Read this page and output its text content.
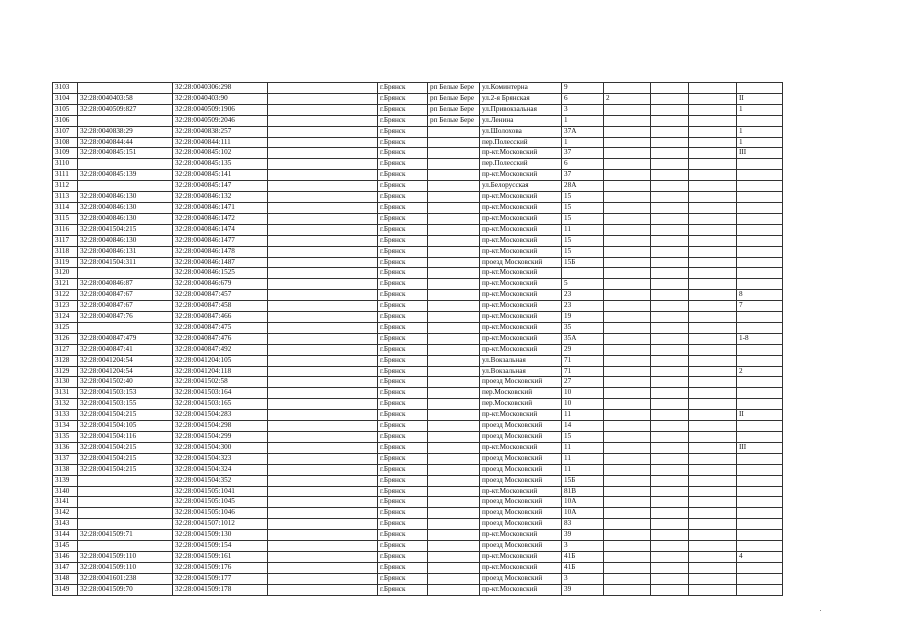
3103		32:28:0040306:298		г.Брянск	рп Белые Бере	ул.Коминтерна	9				
3104	32:28:0040403:58	32:28:0040403:90		г.Брянск	рп Белые Бере	ул.2-я Брянская	6	2			II
3105	32:28:0040509:827	32:28:0040509:1906		г.Брянск	рп Белые Бере	ул.Привокзальная	3				1
3106		32:28:0040509:2046		г.Брянск	рп Белые Бере	ул.Ленина	1				
3107	32:28:0040838:29	32:28:0040838:257		г.Брянск		ул.Шолохова	37А				1
3108	32:28:0040844:44	32:28:0040844:111		г.Брянск		пер.Полесский	1				1
3109	32:28:0040845:151	32:28:0040845:102		г.Брянск		пр-кт.Московский	37				III
3110		32:28:0040845:135		г.Брянск		пер.Полесский	6				
3111	32:28:0040845:139	32:28:0040845:141		г.Брянск		пр-кт.Московский	37				
3112		32:28:0040845:147		г.Брянск		ул.Белорусская	28А				
3113	32:28:0040846:130	32:28:0040846:132		г.Брянск		пр-кт.Московский	15				
3114	32:28:0040846:130	32:28:0040846:1471		г.Брянск		пр-кт.Московский	15				
3115	32:28:0040846:130	32:28:0040846:1472		г.Брянск		пр-кт.Московский	15				
3116	32:28:0041504:215	32:28:0040846:1474		г.Брянск		пр-кт.Московский	11				
3117	32:28:0040846:130	32:28:0040846:1477		г.Брянск		пр-кт.Московский	15				
3118	32:28:0040846:131	32:28:0040846:1478		г.Брянск		пр-кт.Московский	15				
3119	32:28:0041504:311	32:28:0040846:1487		г.Брянск		проезд Московский	15Б				
3120		32:28:0040846:1525		г.Брянск		пр-кт.Московский					
3121	32:28:0040846:87	32:28:0040846:679		г.Брянск		пр-кт.Московский	5				
3122	32:28:0040847:67	32:28:0040847:457		г.Брянск		пр-кт.Московский	23				8
3123	32:28:0040847:67	32:28:0040847:458		г.Брянск		пр-кт.Московский	23				7
3124	32:28:0040847:76	32:28:0040847:466		г.Брянск		пр-кт.Московский	19				
3125		32:28:0040847:475		г.Брянск		пр-кт.Московский	35				
3126	32:28:0040847:479	32:28:0040847:476		г.Брянск		пр-кт.Московский	35А				1-8
3127	32:28:0040847:41	32:28:0040847:492		г.Брянск		пр-кт.Московский	29				
3128	32:28:0041204:54	32:28:0041204:105		г.Брянск		ул.Вокзальная	71				
3129	32:28:0041204:54	32:28:0041204:118		г.Брянск		ул.Вокзальная	71				2
3130	32:28:0041502:40	32:28:0041502:58		г.Брянск		проезд Московский	27				
3131	32:28:0041503:153	32:28:0041503:164		г.Брянск		пер.Московский	10				
3132	32:28:0041503:155	32:28:0041503:165		г.Брянск		пер.Московский	10				
3133	32:28:0041504:215	32:28:0041504:283		г.Брянск		пр-кт.Московский	11				II
3134	32:28:0041504:105	32:28:0041504:298		г.Брянск		проезд Московский	14				
3135	32:28:0041504:116	32:28:0041504:299		г.Брянск		проезд Московский	15				
3136	32:28:0041504:215	32:28:0041504:300		г.Брянск		пр-кт.Московский	11				III
3137	32:28:0041504:215	32:28:0041504:323		г.Брянск		проезд Московский	11				
3138	32:28:0041504:215	32:28:0041504:324		г.Брянск		проезд Московский	11				
3139		32:28:0041504:352		г.Брянск		проезд Московский	15Б				
3140		32:28:0041505:1041		г.Брянск		пр-кт.Московский	81В				
3141		32:28:0041505:1045		г.Брянск		проезд Московский	10А				
3142		32:28:0041505:1046		г.Брянск		проезд Московский	10А				
3143		32:28:0041507:1012		г.Брянск		проезд Московский	83				
3144	32:28:0041509:71	32:28:0041509:130		г.Брянск		пр-кт.Московский	39				
3145		32:28:0041509:154		г.Брянск		проезд Московский	3				
3146	32:28:0041509:110	32:28:0041509:161		г.Брянск		пр-кт.Московский	41Б				4
3147	32:28:0041509:110	32:28:0041509:176		г.Брянск		пр-кт.Московский	41Б				
3148	32:28:0041601:238	32:28:0041509:177		г.Брянск		проезд Московский	3				
3149	32:28:0041509:70	32:28:0041509:178		г.Брянск		пр-кт.Московский	39				
